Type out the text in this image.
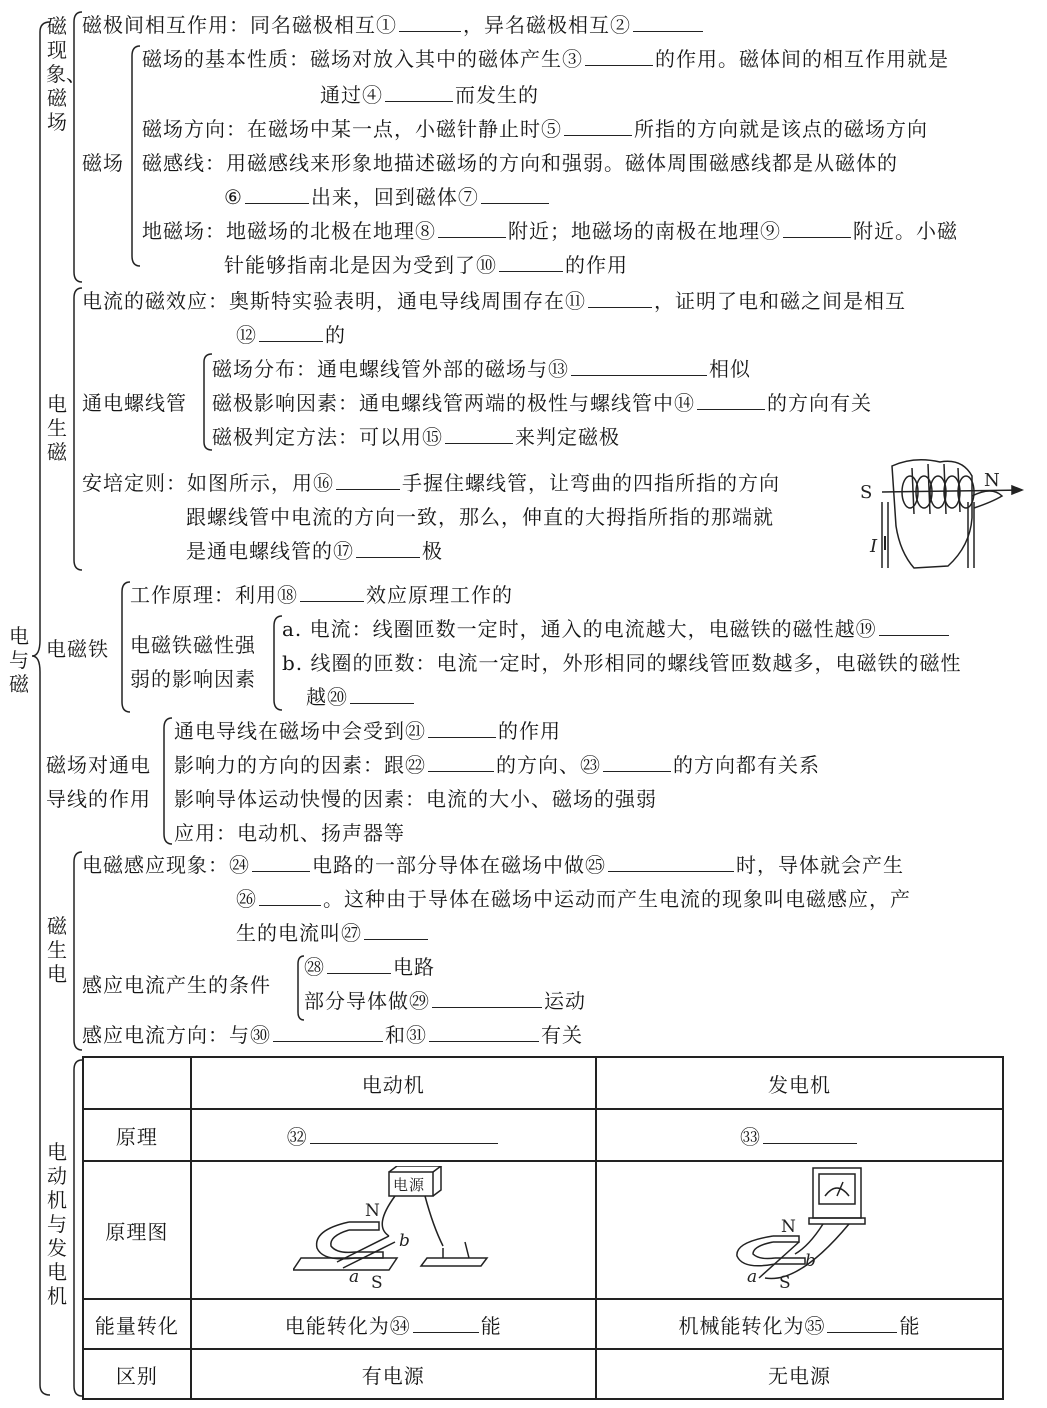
电与磁
磁现象、磁场
磁极间相互作用：同名磁极相互①	，异名磁极相互②
磁场
磁场的基本性质：磁场对放入其中的磁体产生③	的作用。磁体间的相互作用就是
通过④	而发生的
磁场方向：在磁场中某一点，小磁针静止时⑤	所指的方向就是该点的磁场方向
磁感线：用磁感线来形象地描述磁场的方向和强弱。磁体周围磁感线都是从磁体的
⑥	出来，回到磁体⑦
地磁场：地磁场的北极在地理⑧	附近；地磁场的南极在地理⑨	附近。小磁
针能够指南北是因为受到了⑩	的作用
电生磁
电流的磁效应：奥斯特实验表明，通电导线周围存在⑪	，证明了电和磁之间是相互
⑫	的
通电螺线管
磁场分布：通电螺线管外部的磁场与⑬	相似
磁极影响因素：通电螺线管两端的极性与螺线管中⑭	的方向有关
磁极判定方法：可以用⑮	来判定磁极
安培定则：如图所示，用⑯	手握住螺线管，让弯曲的四指所指的方向
跟螺线管中电流的方向一致，那么，伸直的大拇指所指的那端就
是通电螺线管的⑰	极
S
N
I
电磁铁
工作原理：利用⑱	效应原理工作的
电磁铁磁性强
弱的影响因素
a. 电流：线圈匝数一定时，通入的电流越大，电磁铁的磁性越⑲
b. 线圈的匝数：电流一定时，外形相同的螺线管匝数越多，电磁铁的磁性
越⑳
磁场对通电
导线的作用
通电导线在磁场中会受到㉑	的作用
影响力的方向的因素：跟㉒	的方向、㉓	的方向都有关系
影响导体运动快慢的因素：电流的大小、磁场的强弱
应用：电动机、扬声器等
磁生电
电磁感应现象：㉔	电路的一部分导体在磁场中做㉕	时，导体就会产生
㉖	。这种由于导体在磁场中运动而产生电流的现象叫电磁感应，产
生的电流叫㉗
感应电流产生的条件
㉘	电路
部分导体做㉙	运动
感应电流方向：与㉚	和㉛	有关
电动机与发电机
	电动机	发电机
原理	㉜	㉝
原理图	电源
N
S
a
b	N
S
a
b

能量转化	电能转化为㉞ 能	机械能转化为㉟ 能
区别	有电源	无电源
